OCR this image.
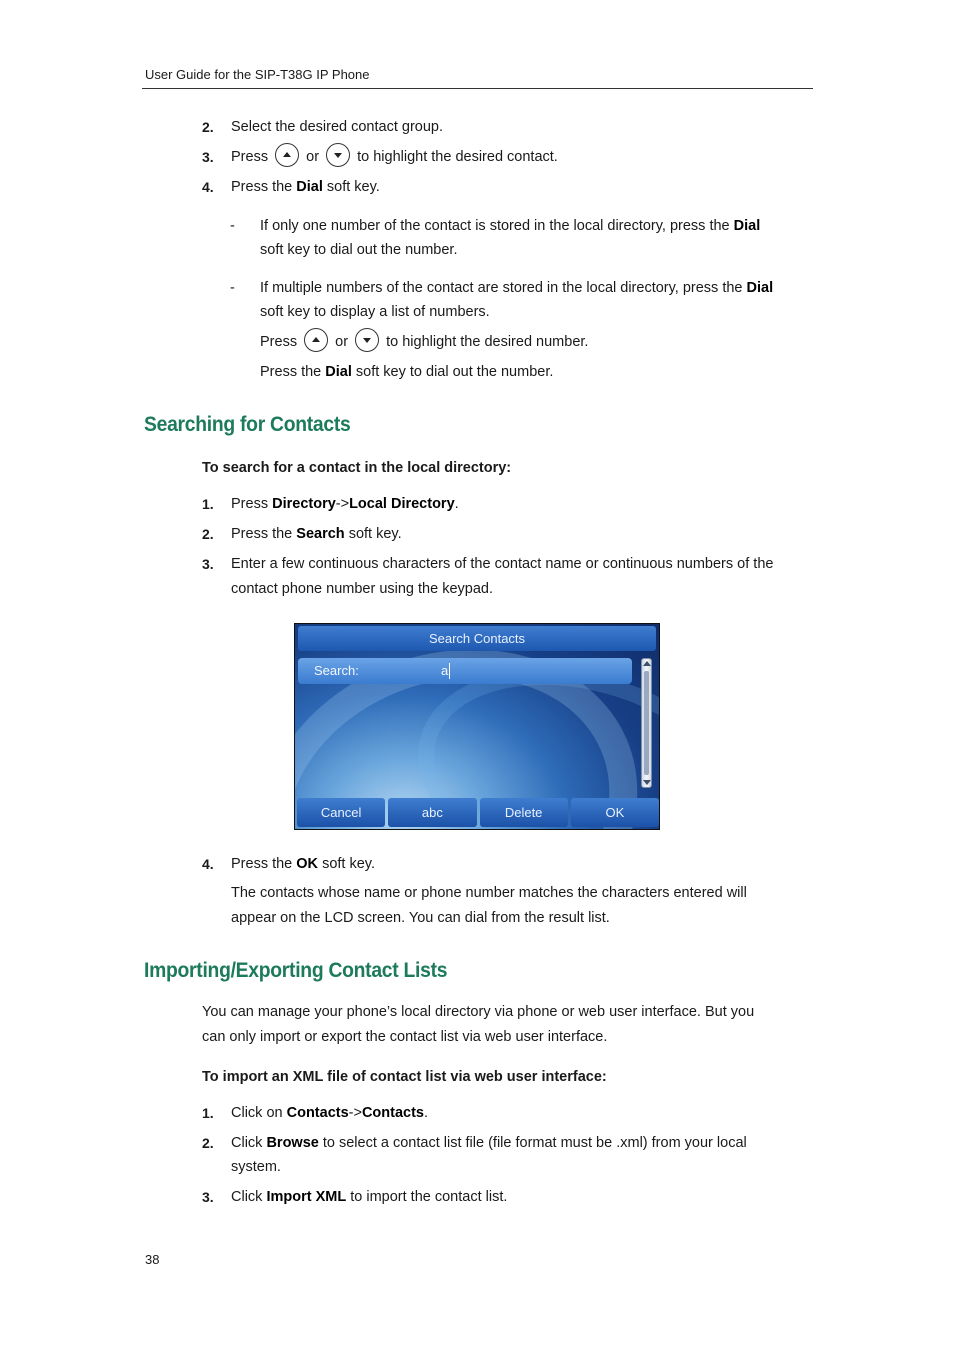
User Guide for the SIP-T38G IP Phone
2. Select the desired contact group.
3. Press	or	to highlight the desired contact.
4. Press the Dial soft key.
- If only one number of the contact is stored in the local directory, press the Dial
soft key to dial out the number.
- If multiple numbers of the contact are stored in the local directory, press the Dial
soft key to display a list of numbers.
Press	or	to highlight the desired number.
Press the Dial soft key to dial out the number.
Searching for Contacts
To search for a contact in the local directory:
1. Press Directory->Local Directory.
2. Press the Search soft key.
3. Enter a few continuous characters of the contact name or continuous numbers of the
contact phone number using the keypad.
Search Contacts
Search:	a
Cancel	abc	Delete	OK
4. Press the OK soft key.
The contacts whose name or phone number matches the characters entered will
appear on the LCD screen. You can dial from the result list.
Importing/Exporting Contact Lists
You can manage your phone’s local directory via phone or web user interface. But you
can only import or export the contact list via web user interface.
To import an XML file of contact list via web user interface:
1. Click on Contacts->Contacts.
2. Click Browse to select a contact list file (file format must be .xml) from your local
system.
3. Click Import XML to import the contact list.
38
